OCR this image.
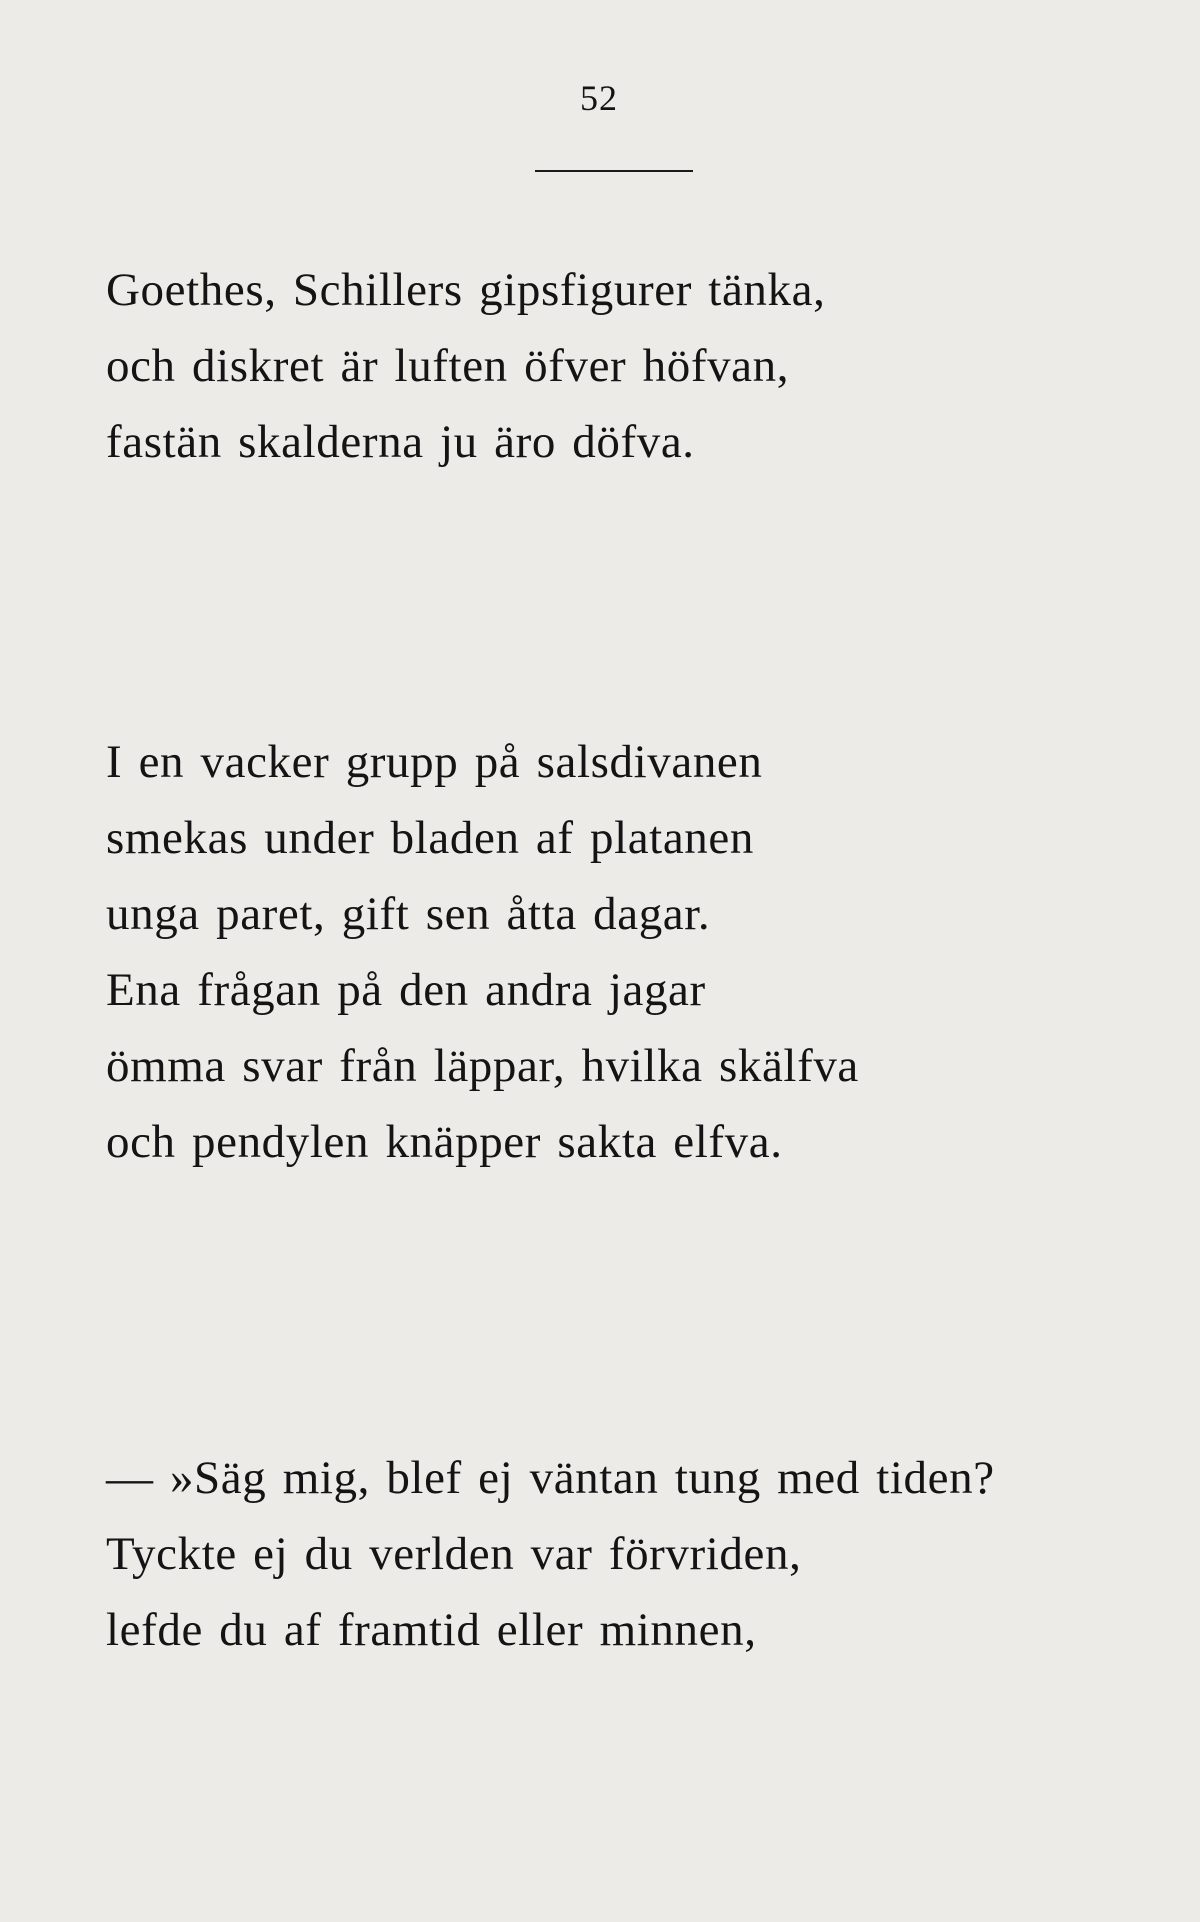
52
Goethes, Schillers gipsfigurer tänka,
och diskret är luften öfver höfvan,
fastän skalderna ju äro döfva.
I en vacker grupp på salsdivanen
smekas under bladen af platanen
unga paret, gift sen åtta dagar.
Ena frågan på den andra jagar
ömma svar från läppar, hvilka skälfva
och pendylen knäpper sakta elfva.
— »Säg mig, blef ej väntan tung med tiden?
Tyckte ej du verlden var förvriden,
lefde du af framtid eller minnen,
